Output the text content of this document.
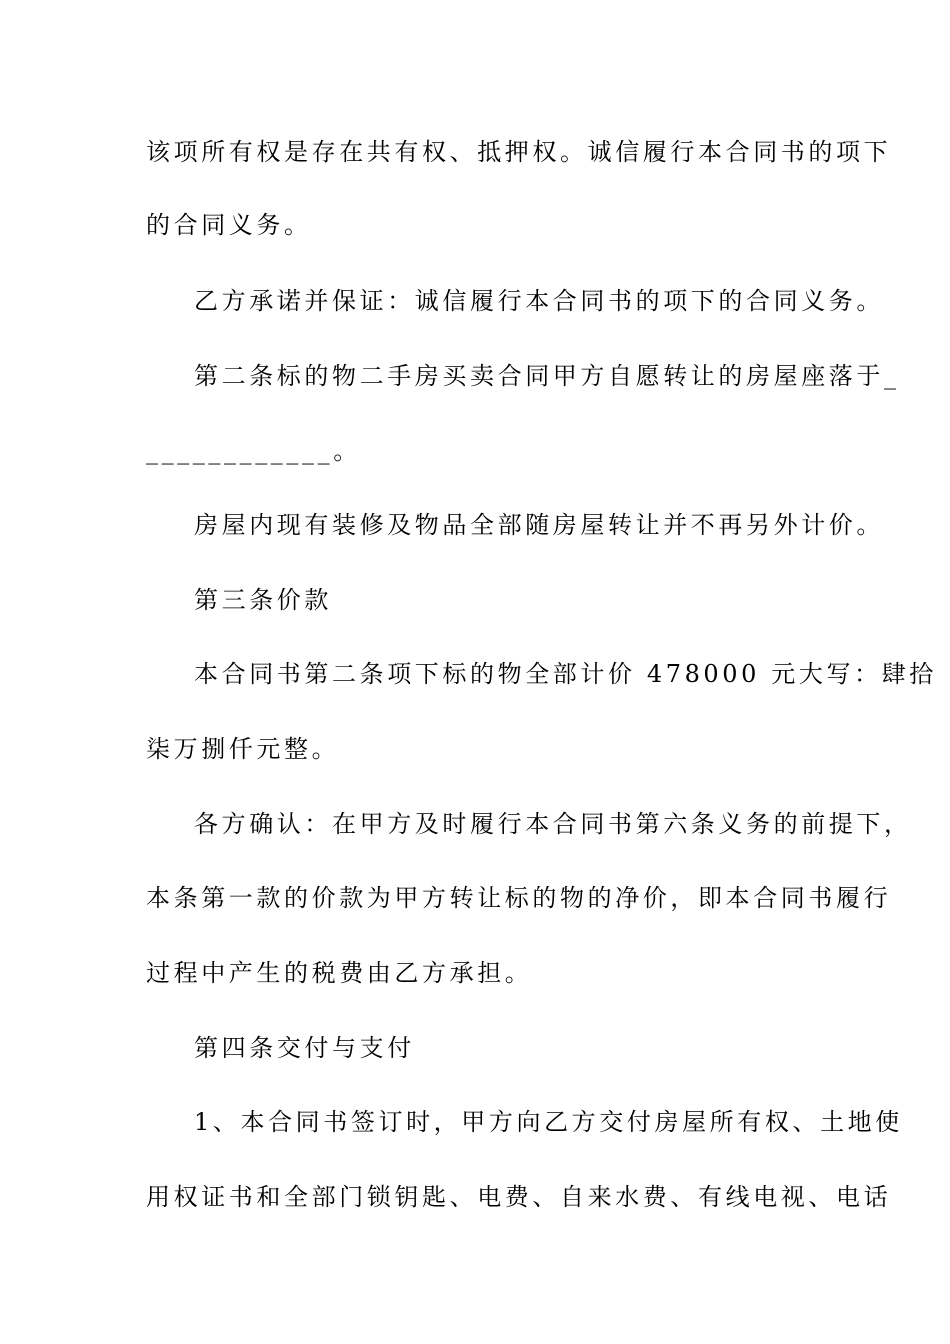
该项所有权是存在共有权、抵押权。诚信履行本合同书的项下
的合同义务。
乙方承诺并保证：诚信履行本合同书的项下的合同义务。
第二条标的物二手房买卖合同甲方自愿转让的房屋座落于_
____________。
房屋内现有装修及物品全部随房屋转让并不再另外计价。
第三条价款
本合同书第二条项下标的物全部计价 478000 元大写：肆拾
柒万捌仟元整。
各方确认：在甲方及时履行本合同书第六条义务的前提下，
本条第一款的价款为甲方转让标的物的净价，即本合同书履行
过程中产生的税费由乙方承担。
第四条交付与支付
1、本合同书签订时，甲方向乙方交付房屋所有权、土地使
用权证书和全部门锁钥匙、电费、自来水费、有线电视、电话
